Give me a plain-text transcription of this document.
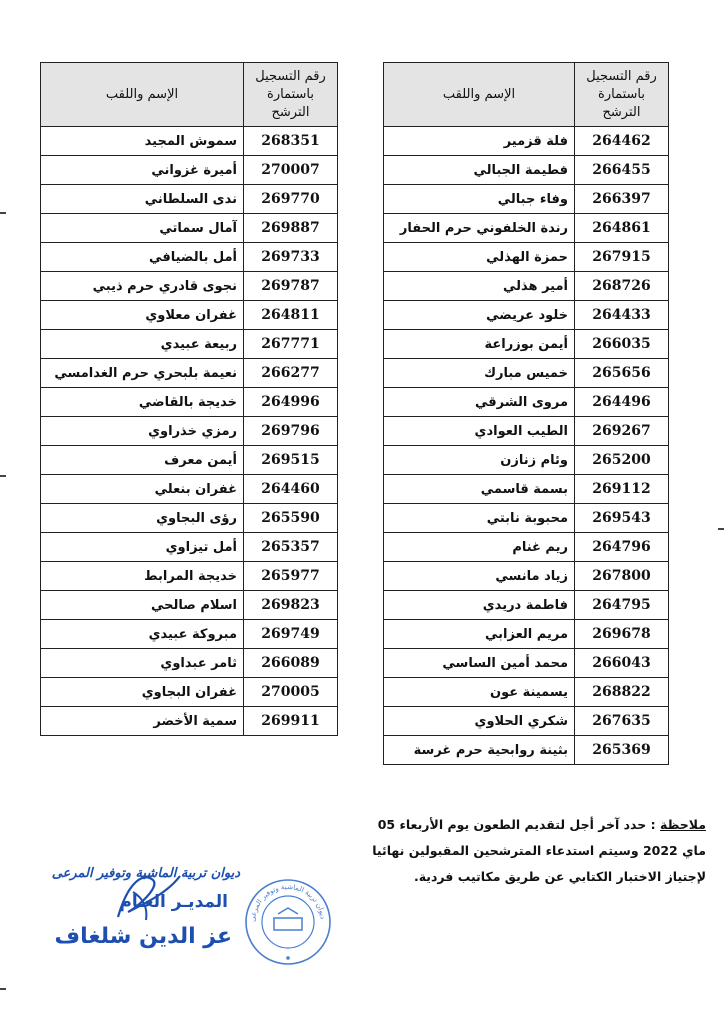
رقم التسجيل
باستمارة الترشح	الإسم واللقب
264462	فلة قزمير
266455	فطيمة الجبالي
266397	وفاء جبالي
264861	رندة الخلفوني حرم الحفار
267915	حمزة الهذلي
268726	أمير هذلي
264433	خلود عريضي
266035	أيمن بوزراعة
265656	خميس مبارك
264496	مروى الشرقي
269267	الطيب العوادي
265200	وئام زنازن
269112	بسمة قاسمي
269543	محبوبة نابتي
264796	ريم غنام
267800	زياد مانسي
264795	فاطمة دريدي
269678	مريم العزابي
266043	محمد أمين الساسي
268822	يسمينة عون
267635	شكري الحلاوي
265369	بثينة روابحية حرم غرسة
رقم التسجيل
باستمارة الترشح	الإسم واللقب
268351	سموش المجيد
270007	أميرة غزواني
269770	ندى السلطاني
269887	آمال سماتي
269733	أمل بالضيافي
269787	نجوى قادري حرم ذيبي
264811	غفران معلاوي
267771	ربيعة عبيدي
266277	نعيمة بلبحري حرم الغدامسي
264996	خديجة بالقاضي
269796	رمزي خذراوي
269515	أيمن معرف
264460	غفران بنعلي
265590	رؤى البجاوي
265357	أمل تيزاوي
265977	خديجة المرابط
269823	اسلام صالحي
269749	مبروكة عبيدي
266089	ثامر عبداوي
270005	غفران البجاوي
269911	سمية الأخضر
ملاحظة : حدد آخر أجل لتقديم الطعون يوم الأربعاء 05 ماي 2022 وسيتم استدعاء المترشحين المقبولين نهائيا لإجتياز الاختبار الكتابي عن طريق مكاتيب فردية.
ديوان تربية الماشية وتوفير المرعى
المديـر العـام
عز الدين شلغاف
ديوان تربية الماشية وتوفير المرعى
